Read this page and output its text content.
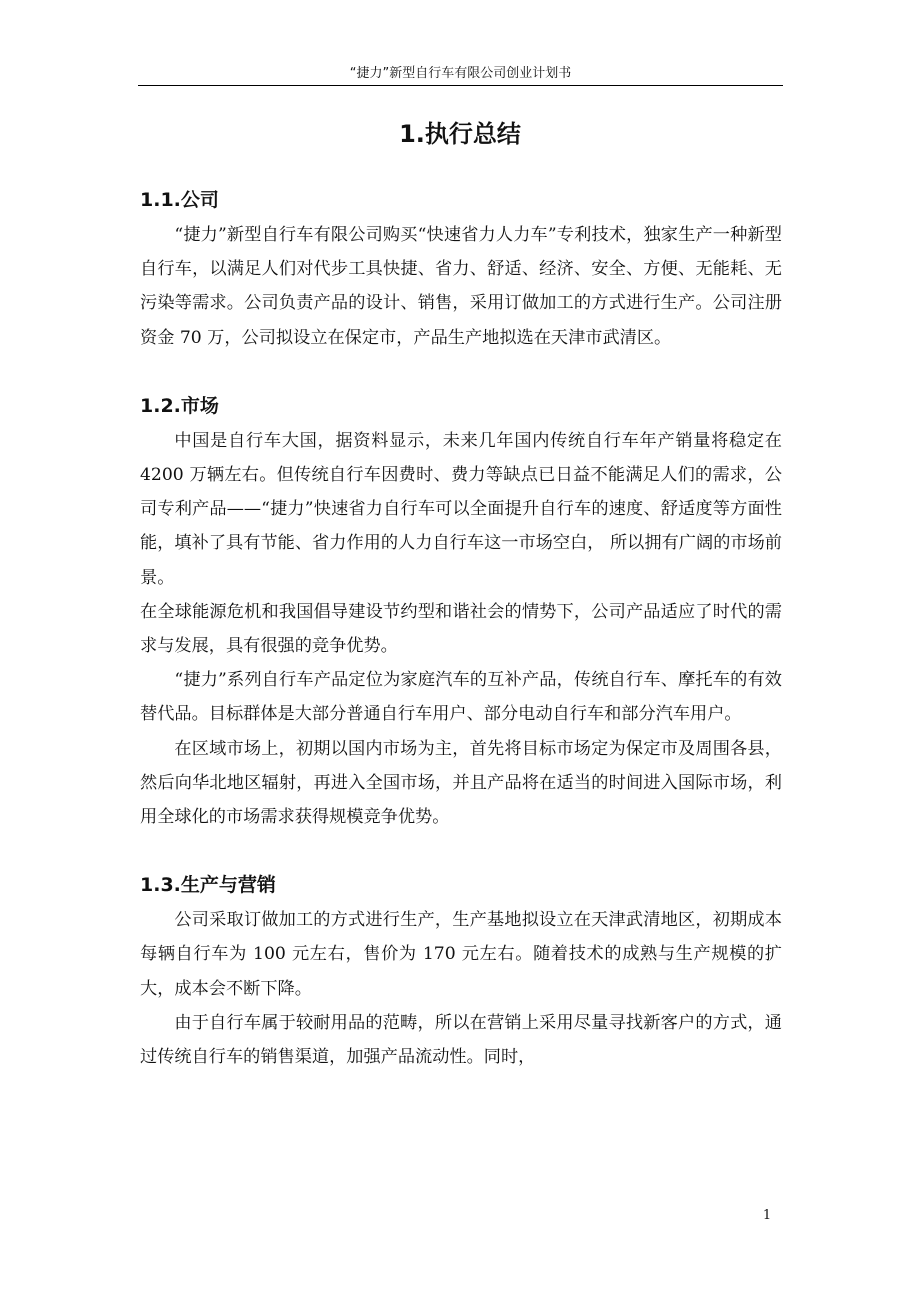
“捷力”新型自行车有限公司创业计划书
1.执行总结
1.1.公司

“捷力”新型自行车有限公司购买“快速省力人力车”专利技术，独家生产一种新型自行车，以满足人们对代步工具快捷、省力、舒适、经济、安全、方便、无能耗、无污染等需求。公司负责产品的设计、销售，采用订做加工的方式进行生产。公司注册资金 70 万，公司拟设立在保定市，产品生产地拟选在天津市武清区。

1.2.市场

中国是自行车大国，据资料显示，未来几年国内传统自行车年产销量将稳定在 4200 万辆左右。但传统自行车因费时、费力等缺点已日益不能满足人们的需求，公司专利产品——“捷力”快速省力自行车可以全面提升自行车的速度、舒适度等方面性能，填补了具有节能、省力作用的人力自行车这一市场空白， 所以拥有广阔的市场前景。

在全球能源危机和我国倡导建设节约型和谐社会的情势下，公司产品适应了时代的需求与发展，具有很强的竞争优势。

“捷力”系列自行车产品定位为家庭汽车的互补产品，传统自行车、摩托车的有效替代品。目标群体是大部分普通自行车用户、部分电动自行车和部分汽车用户。

在区域市场上，初期以国内市场为主，首先将目标市场定为保定市及周围各县，然后向华北地区辐射，再进入全国市场，并且产品将在适当的时间进入国际市场，利用全球化的市场需求获得规模竞争优势。

1.3.生产与营销

公司采取订做加工的方式进行生产，生产基地拟设立在天津武清地区，初期成本每辆自行车为 100 元左右，售价为 170 元左右。随着技术的成熟与生产规模的扩大，成本会不断下降。

由于自行车属于较耐用品的范畴，所以在营销上采用尽量寻找新客户的方式，通过传统自行车的销售渠道，加强产品流动性。同时，

1
